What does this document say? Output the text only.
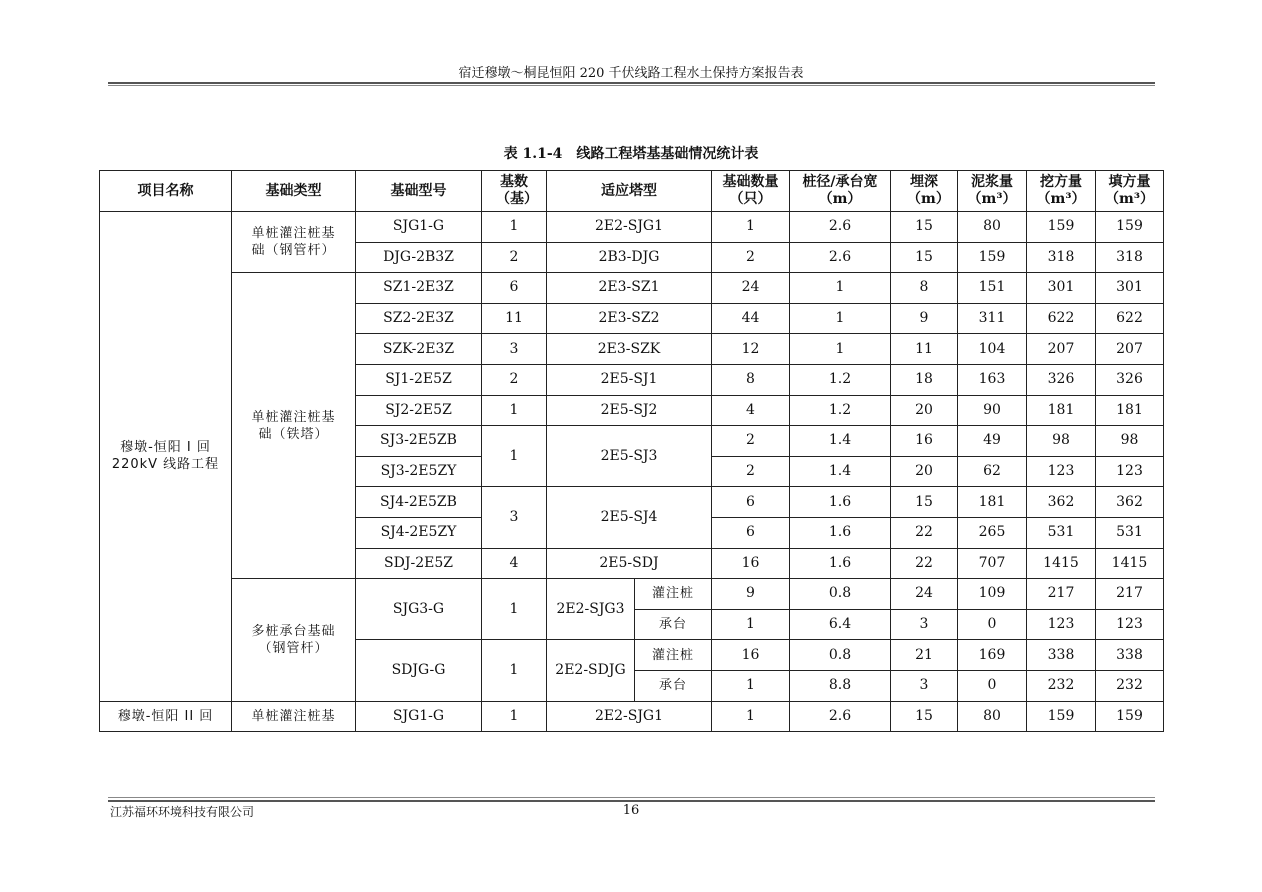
宿迁穆墩～桐昆恒阳 220 千伏线路工程水土保持方案报告表
表 1.1-4　线路工程塔基基础情况统计表
项目名称	基础类型	基础型号	基数（基）	适应塔型		基础数量（只）	桩径/承台宽（m）	埋深（m）	泥浆量（m³）	挖方量（m³）	填方量（m³）
穆墩-恒阳 I 回 220kV 线路工程	单桩灌注桩基础（钢管杆）	SJG1-G	1	2E2-SJG1		1	2.6	15	80	159	159
		DJG-2B3Z	2	2B3-DJG		2	2.6	15	159	318	318
	单桩灌注桩基础（铁塔）	SZ1-2E3Z	6	2E3-SZ1		24	1	8	151	301	301
		SZ2-2E3Z	11	2E3-SZ2		44	1	9	311	622	622
		SZK-2E3Z	3	2E3-SZK		12	1	11	104	207	207
		SJ1-2E5Z	2	2E5-SJ1		8	1.2	18	163	326	326
		SJ2-2E5Z	1	2E5-SJ2		4	1.2	20	90	181	181
		SJ3-2E5ZB	1	2E5-SJ3		2	1.4	16	49	98	98
		SJ3-2E5ZY				2	1.4	20	62	123	123
		SJ4-2E5ZB	3	2E5-SJ4		6	1.6	15	181	362	362
		SJ4-2E5ZY				6	1.6	22	265	531	531
		SDJ-2E5Z	4	2E5-SDJ		16	1.6	22	707	1415	1415
	多桩承台基础（钢管杆）	SJG3-G	1	2E2-SJG3	灌注桩	9	0.8	24	109	217	217
					承台	1	6.4	3	0	123	123
		SDJG-G	1	2E2-SDJG	灌注桩	16	0.8	21	169	338	338
					承台	1	8.8	3	0	232	232
穆墩-恒阳 II 回	单桩灌注桩基	SJG1-G	1	2E2-SJG1		1	2.6	15	80	159	159
江苏福环环境科技有限公司	16
